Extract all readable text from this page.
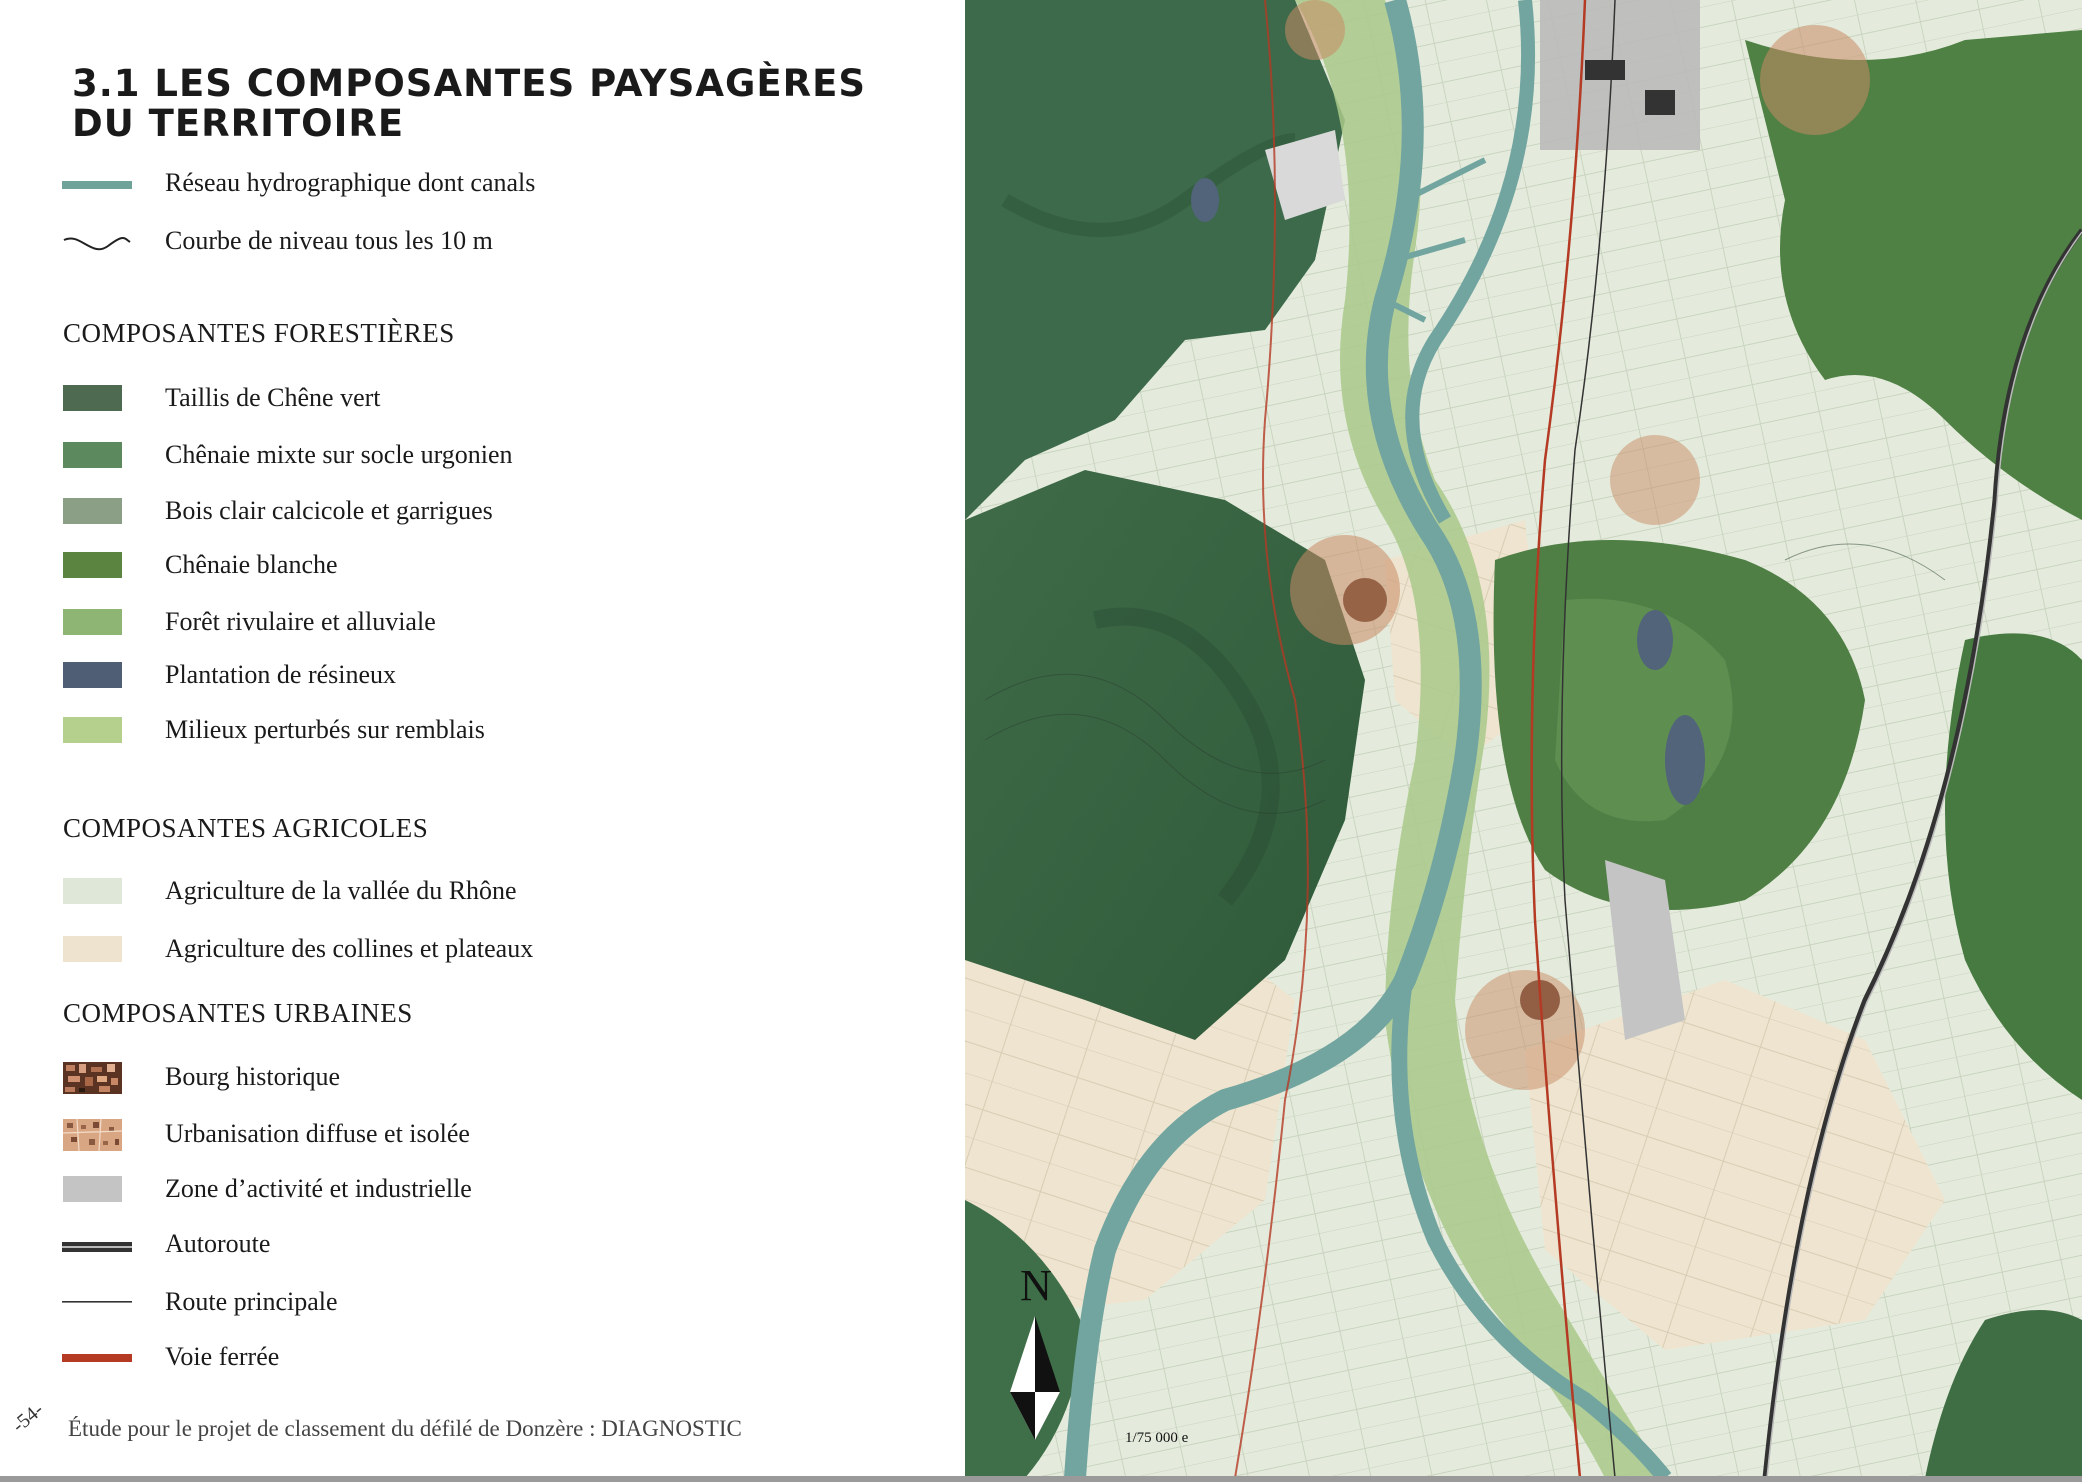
3.1 LES COMPOSANTES PAYSAGÈRES DU TERRITOIRE
Réseau hydrographique dont canals
Courbe de niveau tous les 10 m
COMPOSANTES FORESTIÈRES
Taillis de Chêne vert
Chênaie mixte sur socle urgonien
Bois clair calcicole et garrigues
Chênaie blanche
Forêt rivulaire et alluviale
Plantation de résineux
Milieux perturbés sur remblais
COMPOSANTES AGRICOLES
Agriculture de la vallée du Rhône
Agriculture des collines et plateaux
COMPOSANTES URBAINES
Bourg historique
Urbanisation diffuse et isolée
Zone d’activité et industrielle
Autoroute
Route principale
Voie ferrée
-54- Étude pour le projet de classement du défilé de Donzère : DIAGNOSTIC
N
1/75 000 e
